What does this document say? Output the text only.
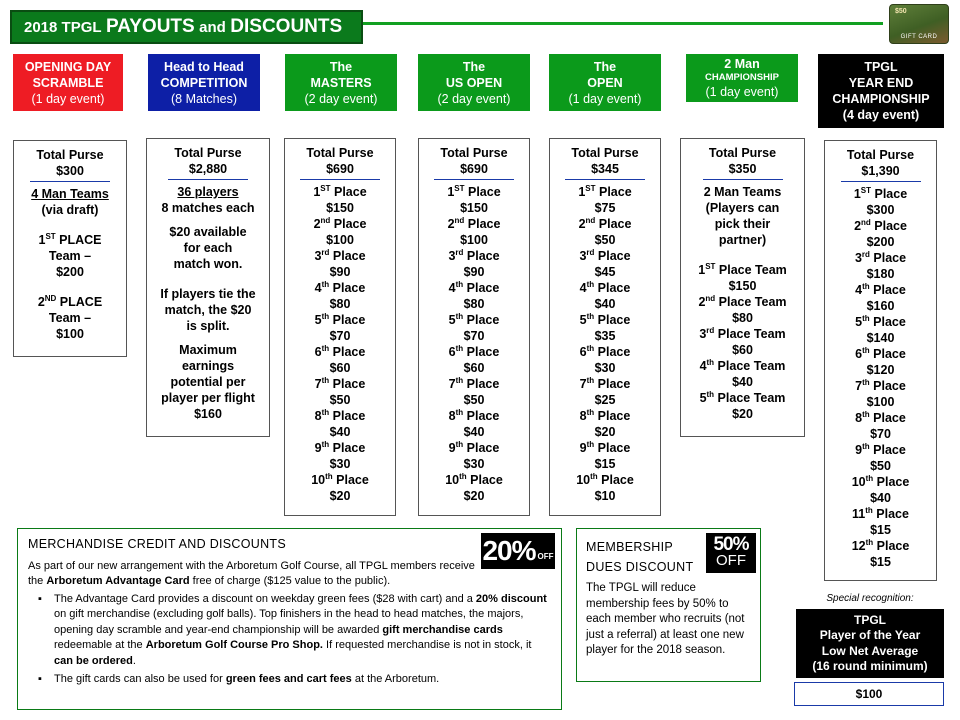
2018 TPGL
PAYOUTS
and
DISCOUNTS
$50
GIFT CARD
OPENING DAY
SCRAMBLE
(1 day event)
Head to Head
COMPETITION
(8 Matches)
The
MASTERS
(2 day event)
The
US OPEN
(2 day event)
The
OPEN
(1 day event)
2 Man
CHAMPIONSHIP
(1 day event)
TPGL
YEAR END
CHAMPIONSHIP
(4 day event)
Total Purse
$300
4 Man Teams
(via draft)
1ST PLACE
Team –
$200
2ND PLACE
Team –
$100
Total Purse
$2,880
36 players
8 matches each
$20 available
for each
match won.
If players tie the
match, the $20
is split.
Maximum
earnings
potential per
player per flight
$160
Total Purse
$690
1ST Place
$150
2nd Place
$100
3rd Place
$90
4th Place
$80
5th Place
$70
6th Place
$60
7th Place
$50
8th Place
$40
9th Place
$30
10th Place
$20
Total Purse
$690
1ST Place
$150
2nd Place
$100
3rd Place
$90
4th Place
$80
5th Place
$70
6th Place
$60
7th Place
$50
8th Place
$40
9th Place
$30
10th Place
$20
Total Purse
$345
1ST Place
$75
2nd Place
$50
3rd Place
$45
4th Place
$40
5th Place
$35
6th Place
$30
7th Place
$25
8th Place
$20
9th Place
$15
10th Place
$10
Total Purse
$350
2 Man Teams
(Players can
pick their
partner)
1ST Place Team
$150
2nd Place Team
$80
3rd Place Team
$60
4th Place Team
$40
5th Place Team
$20
Total Purse
$1,390
1ST Place
$300
2nd Place
$200
3rd Place
$180
4th Place
$160
5th Place
$140
6th Place
$120
7th Place
$100
8th Place
$70
9th Place
$50
10th Place
$40
11th Place
$15
12th Place
$15
MERCHANDISE CREDIT AND DISCOUNTS	20% OFF
As part of our new arrangement with the Arboretum Golf Course, all TPGL members receive the Arboretum Advantage Card free of charge ($125 value to the public).
▪ The Advantage Card provides a discount on weekday green fees ($28 with cart) and a 20% discount on gift merchandise (excluding golf balls). Top finishers in the head to head matches, the majors, opening day scramble and year-end championship will be awarded gift merchandise cards redeemable at the Arboretum Golf Course Pro Shop. If requested merchandise is not in stock, it can be ordered.
▪ The gift cards can also be used for green fees and cart fees at the Arboretum.
MEMBERSHIP
DUES DISCOUNT
50%
OFF
The TPGL will reduce membership fees by 50% to each member who recruits (not just a referral) at least one new player for the 2018 season.
Special recognition:
TPGL
Player of the Year
Low Net Average
(16 round minimum)
$100
